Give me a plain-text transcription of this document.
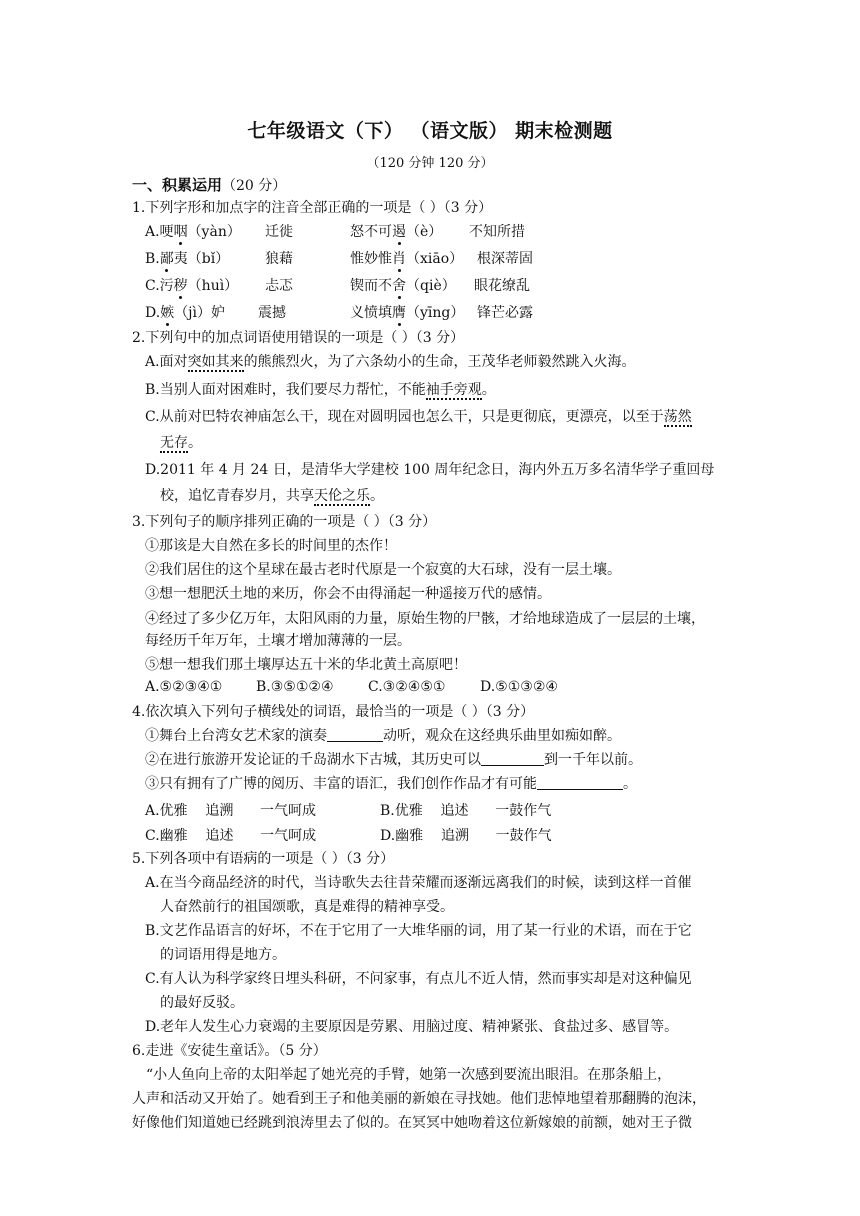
七年级语文（下） （语文版） 期末检测题
（120 分钟 120 分）
一、积累运用（20 分）
1.下列字形和加点字的注音全部正确的一项是（ ）（3 分）
A.哽咽（yàn） 迁徙	怒不可遏（è） 不知所措
B.鄙夷（bǐ）	狼藉	惟妙惟肖（xiāo） 根深蒂固
C.污秽（huì） 忐忑	锲而不舍（qiè） 眼花缭乱
D.嫉（jì）妒 震撼	义愤填膺（yīng） 锋芒必露
2.下列句中的加点词语使用错误的一项是（ ）（3 分）
A.面对突如其来的熊熊烈火，为了六条幼小的生命，王茂华老师毅然跳入火海。
B.当别人面对困难时，我们要尽力帮忙，不能袖手旁观。
C.从前对巴特农神庙怎么干，现在对圆明园也怎么干，只是更彻底，更漂亮，以至于荡然
无存。
D.2011 年 4 月 24 日，是清华大学建校 100 周年纪念日，海内外五万多名清华学子重回母
校，追忆青春岁月，共享天伦之乐。
3.下列句子的顺序排列正确的一项是（ ）（3 分）
①那该是大自然在多长的时间里的杰作！
②我们居住的这个星球在最古老时代原是一个寂寞的大石球，没有一层土壤。
③想一想肥沃土地的来历，你会不由得涌起一种遥接万代的感情。
④经过了多少亿万年，太阳风雨的力量，原始生物的尸骸，才给地球造成了一层层的土壤，
每经历千年万年，土壤才增加薄薄的一层。
⑤想一想我们那土壤厚达五十米的华北黄土高原吧！
A.⑤②③④① B.③⑤①②④ C.③②④⑤① D.⑤①③②④
4.依次填入下列句子横线处的词语，最恰当的一项是（ ）（3 分）
①舞台上台湾女艺术家的演奏	动听，观众在这经典乐曲里如痴如醉。
②在进行旅游开发论证的千岛湖水下古城，其历史可以	到一千年以前。
③只有拥有了广博的阅历、丰富的语汇，我们创作作品才有可能	。
A.优雅    追溯      一气呵成	B.优雅    追述      一鼓作气
C.幽雅    追述      一气呵成	D.幽雅    追溯      一鼓作气
5.下列各项中有语病的一项是（ ）（3 分）
A.在当今商品经济的时代，当诗歌失去往昔荣耀而逐渐远离我们的时候，读到这样一首催
人奋然前行的祖国颂歌，真是难得的精神享受。
B.文艺作品语言的好坏，不在于它用了一大堆华丽的词，用了某一行业的术语，而在于它
的词语用得是地方。
C.有人认为科学家终日埋头科研，不问家事，有点儿不近人情，然而事实却是对这种偏见
的最好反驳。
D.老年人发生心力衰竭的主要原因是劳累、用脑过度、精神紧张、食盐过多、感冒等。
6.走进《安徒生童话》。（5 分）
“小人鱼向上帝的太阳举起了她光亮的手臂，她第一次感到要流出眼泪。在那条船上，
人声和活动又开始了。她看到王子和他美丽的新娘在寻找她。他们悲悼地望着那翻腾的泡沫，
好像他们知道她已经跳到浪涛里去了似的。在冥冥中她吻着这位新嫁娘的前额，她对王子微
